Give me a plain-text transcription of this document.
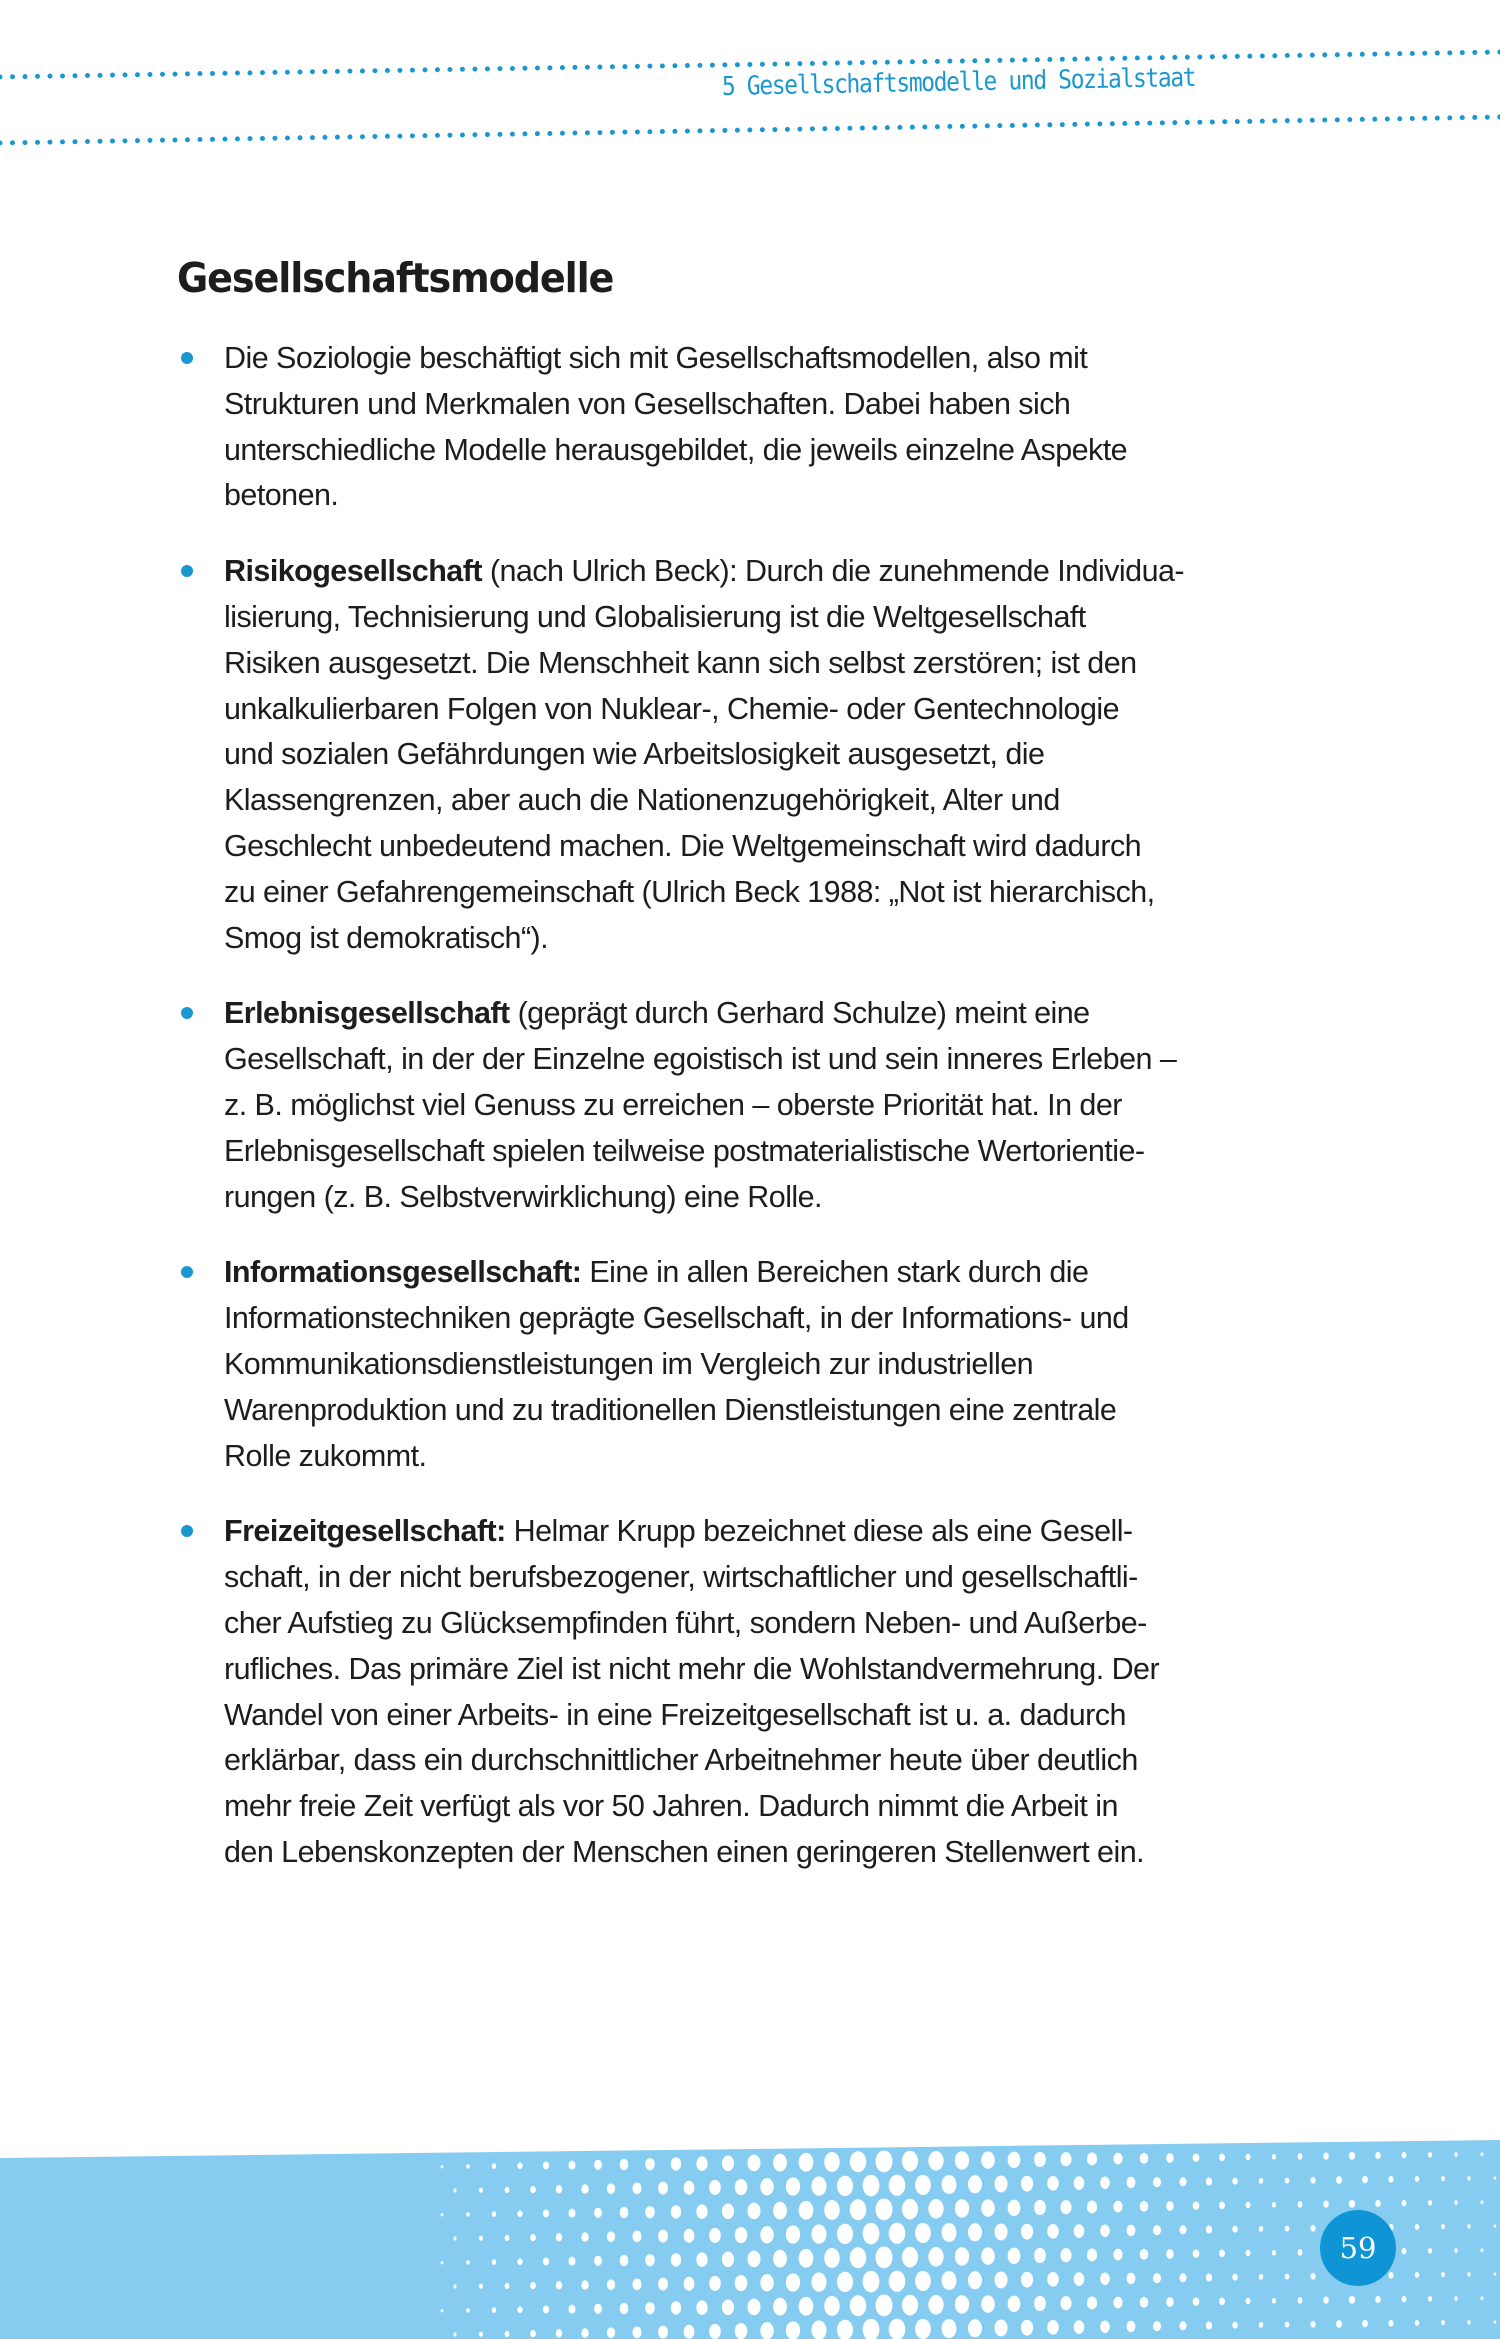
5 Gesellschaftsmodelle und Sozialstaat
Gesellschaftsmodelle
Die Soziologie beschäftigt sich mit Gesellschaftsmodellen, also mit
Strukturen und Merkmalen von Gesellschaften. Dabei haben sich
unterschiedliche Modelle herausgebildet, die jeweils einzelne Aspekte
betonen.
Risikogesellschaft (nach Ulrich Beck): Durch die zunehmende Individua-
lisierung, Technisierung und Globalisierung ist die Weltgesellschaft
Risiken ausgesetzt. Die Menschheit kann sich selbst zerstören; ist den
unkalkulierbaren Folgen von Nuklear-, Chemie- oder Gentechnologie
und sozialen Gefährdungen wie Arbeitslosigkeit ausgesetzt, die
Klassengrenzen, aber auch die Nationenzugehörigkeit, Alter und
Geschlecht unbedeutend machen. Die Weltgemeinschaft wird dadurch
zu einer Gefahrengemeinschaft (Ulrich Beck 1988: „Not ist hierarchisch,
Smog ist demokratisch“).
Erlebnisgesellschaft (geprägt durch Gerhard Schulze) meint eine
Gesellschaft, in der der Einzelne egoistisch ist und sein inneres Erleben –
z. B. möglichst viel Genuss zu erreichen – oberste Priorität hat. In der
Erlebnisgesellschaft spielen teilweise postmaterialistische Wertorientie-
rungen (z. B. Selbstverwirklichung) eine Rolle.
Informationsgesellschaft: Eine in allen Bereichen stark durch die
Informationstechniken geprägte Gesellschaft, in der Informations- und
Kommunikationsdienstleistungen im Vergleich zur industriellen
Warenproduktion und zu traditionellen Dienstleistungen eine zentrale
Rolle zukommt.
Freizeitgesellschaft: Helmar Krupp bezeichnet diese als eine Gesell-
schaft, in der nicht berufsbezogener, wirtschaftlicher und gesellschaftli-
cher Aufstieg zu Glücksempfinden führt, sondern Neben- und Außerbe-
rufliches. Das primäre Ziel ist nicht mehr die Wohlstandvermehrung. Der
Wandel von einer Arbeits- in eine Freizeitgesellschaft ist u. a. dadurch
erklärbar, dass ein durchschnittlicher Arbeitnehmer heute über deutlich
mehr freie Zeit verfügt als vor 50 Jahren. Dadurch nimmt die Arbeit in
den Lebenskonzepten der Menschen einen geringeren Stellenwert ein.
59
